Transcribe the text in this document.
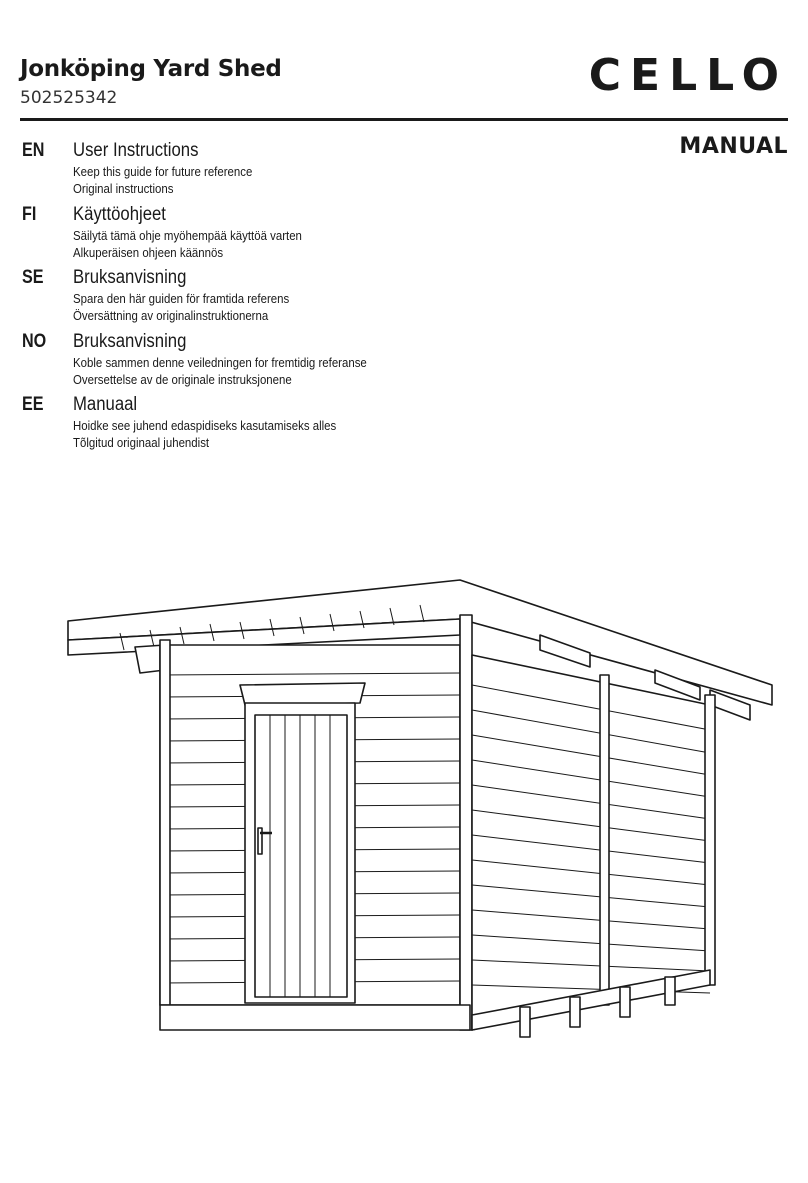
Jonköping Yard Shed
502525342	CELLO
MANUAL
EN User Instructions
Keep this guide for future reference
Original instructions
FI Käyttöohjeet
Säilytä tämä ohje myöhempää käyttöä varten
Alkuperäisen ohjeen käännös
SE Bruksanvisning
Spara den här guiden för framtida referens
Översättning av originalinstruktionerna
NO Bruksanvisning
Koble sammen denne veiledningen for fremtidig referanse
Oversettelse av de originale instruksjonene
EE Manuaal
Hoidke see juhend edaspidiseks kasutamiseks alles
Tõlgitud originaal juhendist
